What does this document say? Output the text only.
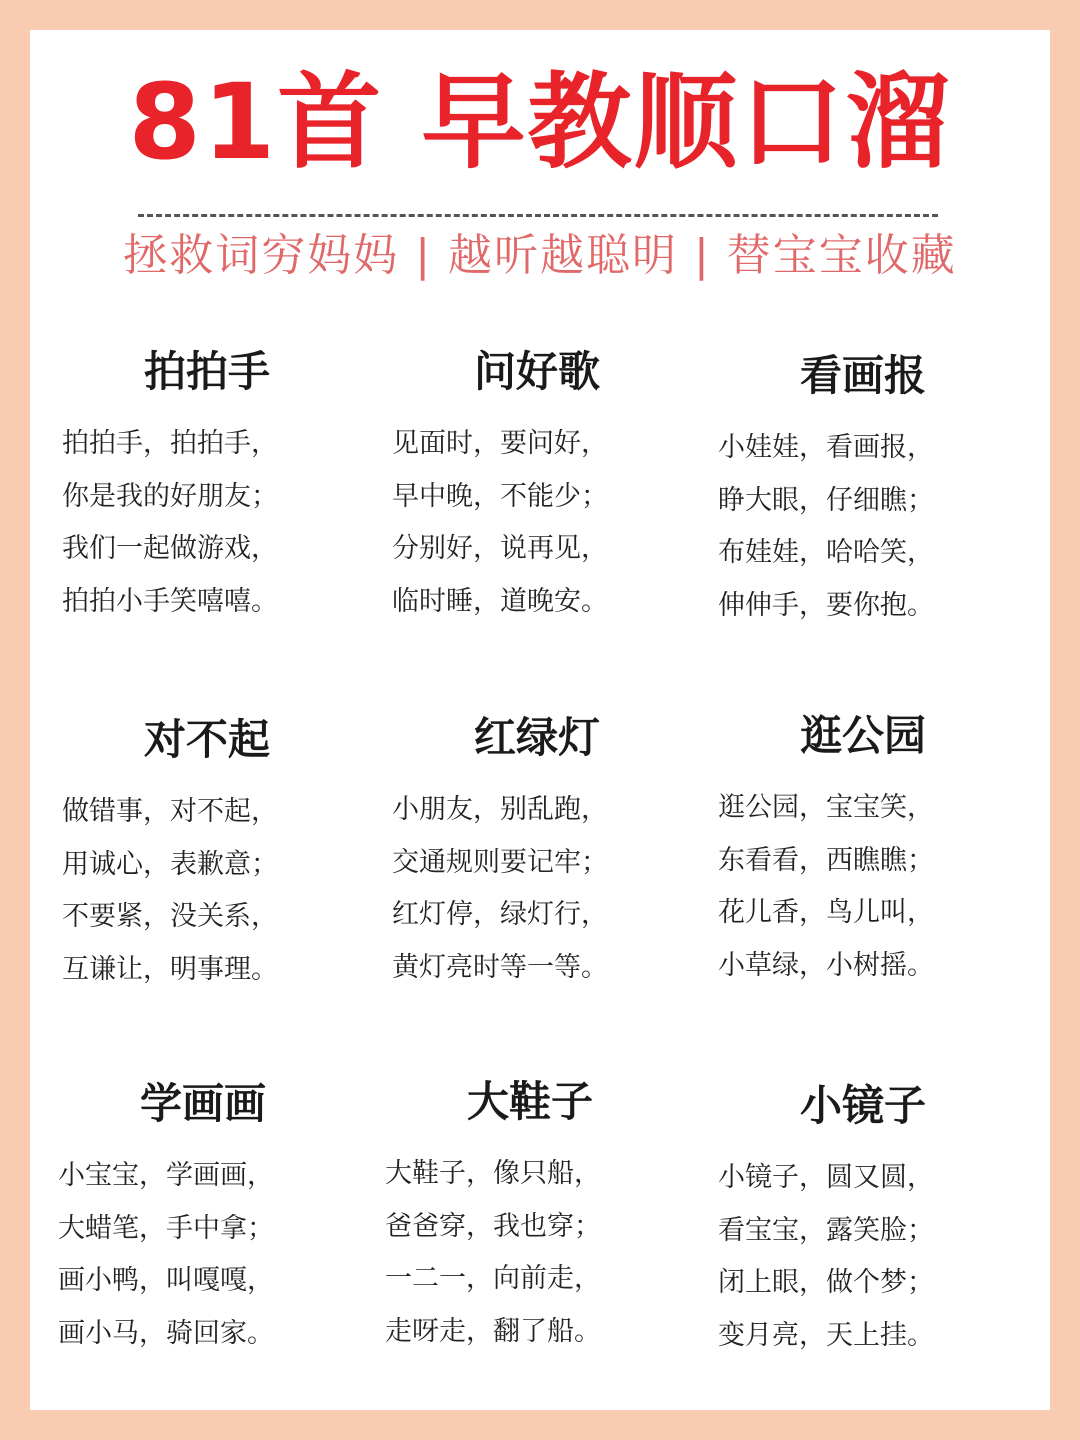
81首 早教顺口溜
拯救词穷妈妈 | 越听越聪明 | 替宝宝收藏
拍拍手
拍拍手，拍拍手，
你是我的好朋友；
我们一起做游戏，
拍拍小手笑嘻嘻。
问好歌
见面时，要问好，
早中晚，不能少；
分别好，说再见，
临时睡，道晚安。
看画报
小娃娃，看画报，
睁大眼，仔细瞧；
布娃娃，哈哈笑，
伸伸手，要你抱。
对不起
做错事，对不起，
用诚心，表歉意；
不要紧，没关系，
互谦让，明事理。
红绿灯
小朋友，别乱跑，
交通规则要记牢；
红灯停，绿灯行，
黄灯亮时等一等。
逛公园
逛公园，宝宝笑，
东看看，西瞧瞧；
花儿香，鸟儿叫，
小草绿，小树摇。
学画画
小宝宝，学画画，
大蜡笔，手中拿；
画小鸭，叫嘎嘎，
画小马，骑回家。
大鞋子
大鞋子，像只船，
爸爸穿，我也穿；
一二一，向前走，
走呀走，翻了船。
小镜子
小镜子，圆又圆，
看宝宝，露笑脸；
闭上眼，做个梦；
变月亮，天上挂。
